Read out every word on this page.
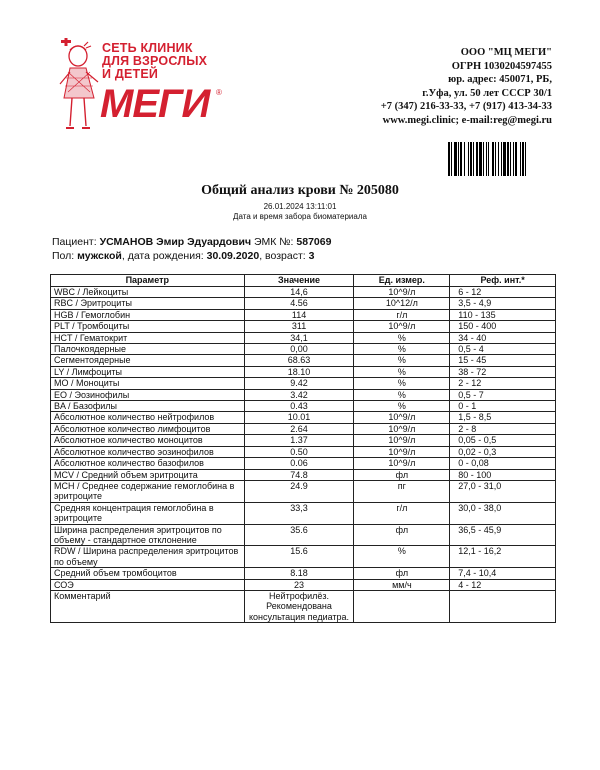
СЕТЬ КЛИНИК
ДЛЯ ВЗРОСЛЫХ
И ДЕТЕЙ
МЕГИ ®
ООО "МЦ МЕГИ"
ОГРН 1030204597455
юр. адрес: 450071, РБ,
г.Уфа, ул. 50 лет СССР 30/1
+7 (347) 216-33-33, +7 (917) 413-34-33
www.megi.clinic; e-mail:reg@megi.ru
Общий анализ крови № 205080
26.01.2024 13:11:01
Дата и время забора биоматериала
Пациент: УСМАНОВ Эмир Эдуардович ЭМК №: 587069
Пол: мужской, дата рождения: 30.09.2020, возраст: 3
Параметр	Значение	Ед. измер.	Реф. инт.*
WBC / Лейкоциты	14,6	10^9/л	6 - 12
RBC / Эритроциты	4.56	10^12/л	3,5 - 4,9
HGB / Гемоглобин	114	г/л	110 - 135
PLT / Тромбоциты	311	10^9/л	150 - 400
HCT / Гематокрит	34,1	%	34 - 40
Палочкоядерные	0,00	%	0,5 - 4
Сегментоядерные	68.63	%	15 - 45
LY / Лимфоциты	18.10	%	38 - 72
MO / Моноциты	9.42	%	2 - 12
EO / Эозинофилы	3.42	%	0,5 - 7
BA / Базофилы	0.43	%	0 - 1
Абсолютное количество нейтрофилов	10.01	10^9/л	1,5 - 8,5
Абсолютное количество лимфоцитов	2.64	10^9/л	2 - 8
Абсолютное количество моноцитов	1.37	10^9/л	0,05 - 0,5
Абсолютное количество эозинофилов	0.50	10^9/л	0,02 - 0,3
Абсолютное количество базофилов	0.06	10^9/л	0 - 0,08
MCV / Средний объем эритроцита	74.8	фл	80 - 100
MCH / Среднее содержание гемоглобина в эритроците	24.9	пг	27,0 - 31,0
Средняя концентрация гемоглобина в эритроците	33,3	г/л	30,0 - 38,0
Ширина распределения эритроцитов по объему - стандартное отклонение	35.6	фл	36,5 - 45,9
RDW / Ширина распределения эритроцитов по объему	15.6	%	12,1 - 16,2
Средний объем тромбоцитов	8.18	фл	7,4 - 10,4
СОЭ	23	мм/ч	4 - 12
Комментарий	Нейтрофилёз. Рекомендована консультация педиатра.		
